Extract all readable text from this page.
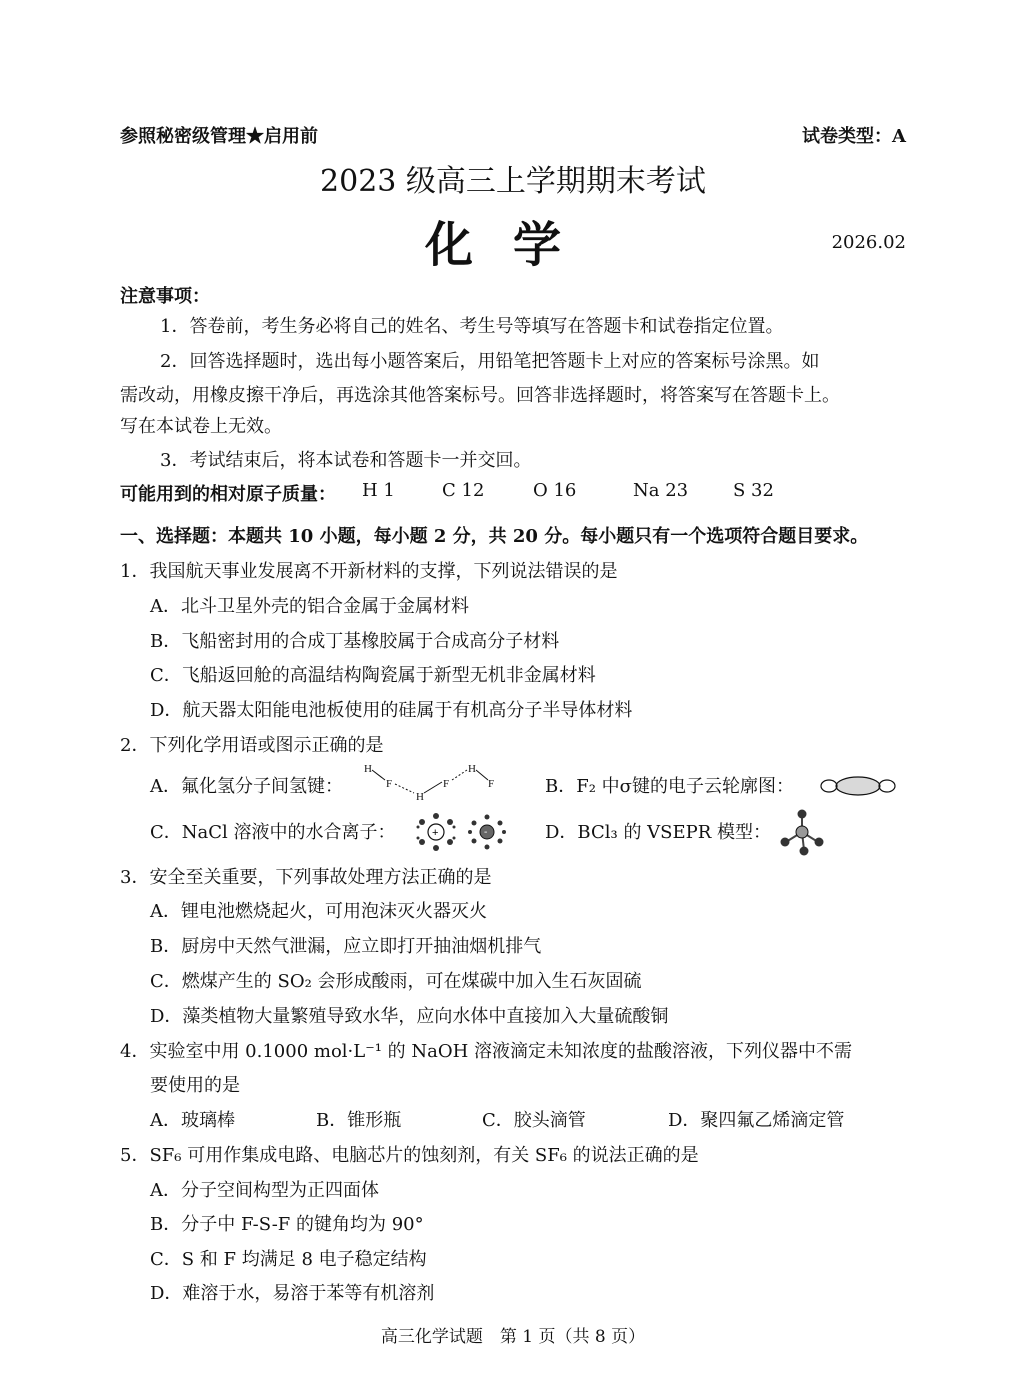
参照秘密级管理★启用前	试卷类型：A
2023 级高三上学期期末考试
化学	2026.02
注意事项：
1．答卷前，考生务必将自己的姓名、考生号等填写在答题卡和试卷指定位置。
2．回答选择题时，选出每小题答案后，用铅笔把答题卡上对应的答案标号涂黑。如
需改动，用橡皮擦干净后，再选涂其他答案标号。回答非选择题时，将答案写在答题卡上。
写在本试卷上无效。
3．考试结束后，将本试卷和答题卡一并交回。
可能用到的相对原子质量： H 1	C 12	O 16	Na 23 S 32
一、选择题：本题共 10 小题，每小题 2 分，共 20 分。每小题只有一个选项符合题目要求。
1．我国航天事业发展离不开新材料的支撑，下列说法错误的是
A．北斗卫星外壳的铝合金属于金属材料
B．飞船密封用的合成丁基橡胶属于合成高分子材料
C．飞船返回舱的高温结构陶瓷属于新型无机非金属材料
D．航天器太阳能电池板使用的硅属于有机高分子半导体材料
2．下列化学用语或图示正确的是
A．氟化氢分子间氢键：
H
F
H
F
H
F	B．F₂ 中σ键的电子云轮廓图：
C．NaCl 溶液中的水合离子：	+	-	D．BCl₃ 的 VSEPR 模型：
3．安全至关重要，下列事故处理方法正确的是
A．锂电池燃烧起火，可用泡沫灭火器灭火
B．厨房中天然气泄漏，应立即打开抽油烟机排气
C．燃煤产生的 SO₂ 会形成酸雨，可在煤碳中加入生石灰固硫
D．藻类植物大量繁殖导致水华，应向水体中直接加入大量硫酸铜
4．实验室中用 0.1000 mol·L⁻¹ 的 NaOH 溶液滴定未知浓度的盐酸溶液，下列仪器中不需
要使用的是
A．玻璃棒	B．锥形瓶	C．胶头滴管	D．聚四氟乙烯滴定管
5．SF₆ 可用作集成电路、电脑芯片的蚀刻剂，有关 SF₆ 的说法正确的是
A．分子空间构型为正四面体
B．分子中 F-S-F 的键角均为 90°
C．S 和 F 均满足 8 电子稳定结构
D．难溶于水，易溶于苯等有机溶剂
高三化学试题　第 1 页（共 8 页）
